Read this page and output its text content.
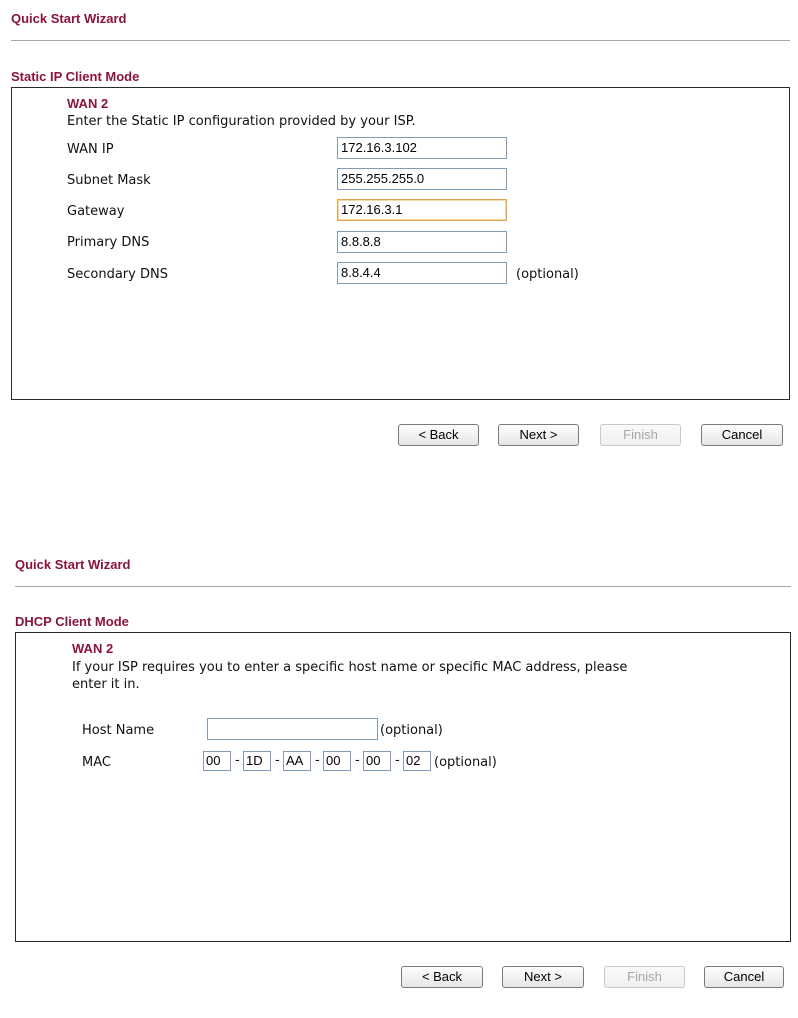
Quick Start Wizard
Static IP Client Mode
WAN 2
Enter the Static IP configuration provided by your ISP.
WAN IP	172.16.3.102
Subnet Mask	255.255.255.0
Gateway	172.16.3.1
Primary DNS	8.8.8.8
Secondary DNS	8.8.4.4	(optional)
< Back	Next >	Finish	Cancel
Quick Start Wizard
DHCP Client Mode
WAN 2
If your ISP requires you to enter a specific host name or specific MAC address, please
enter it in.
Host Name	(optional)
MAC	00	- 1D - AA - 00	- 00	- 02	(optional)
< Back	Next >	Finish	Cancel
